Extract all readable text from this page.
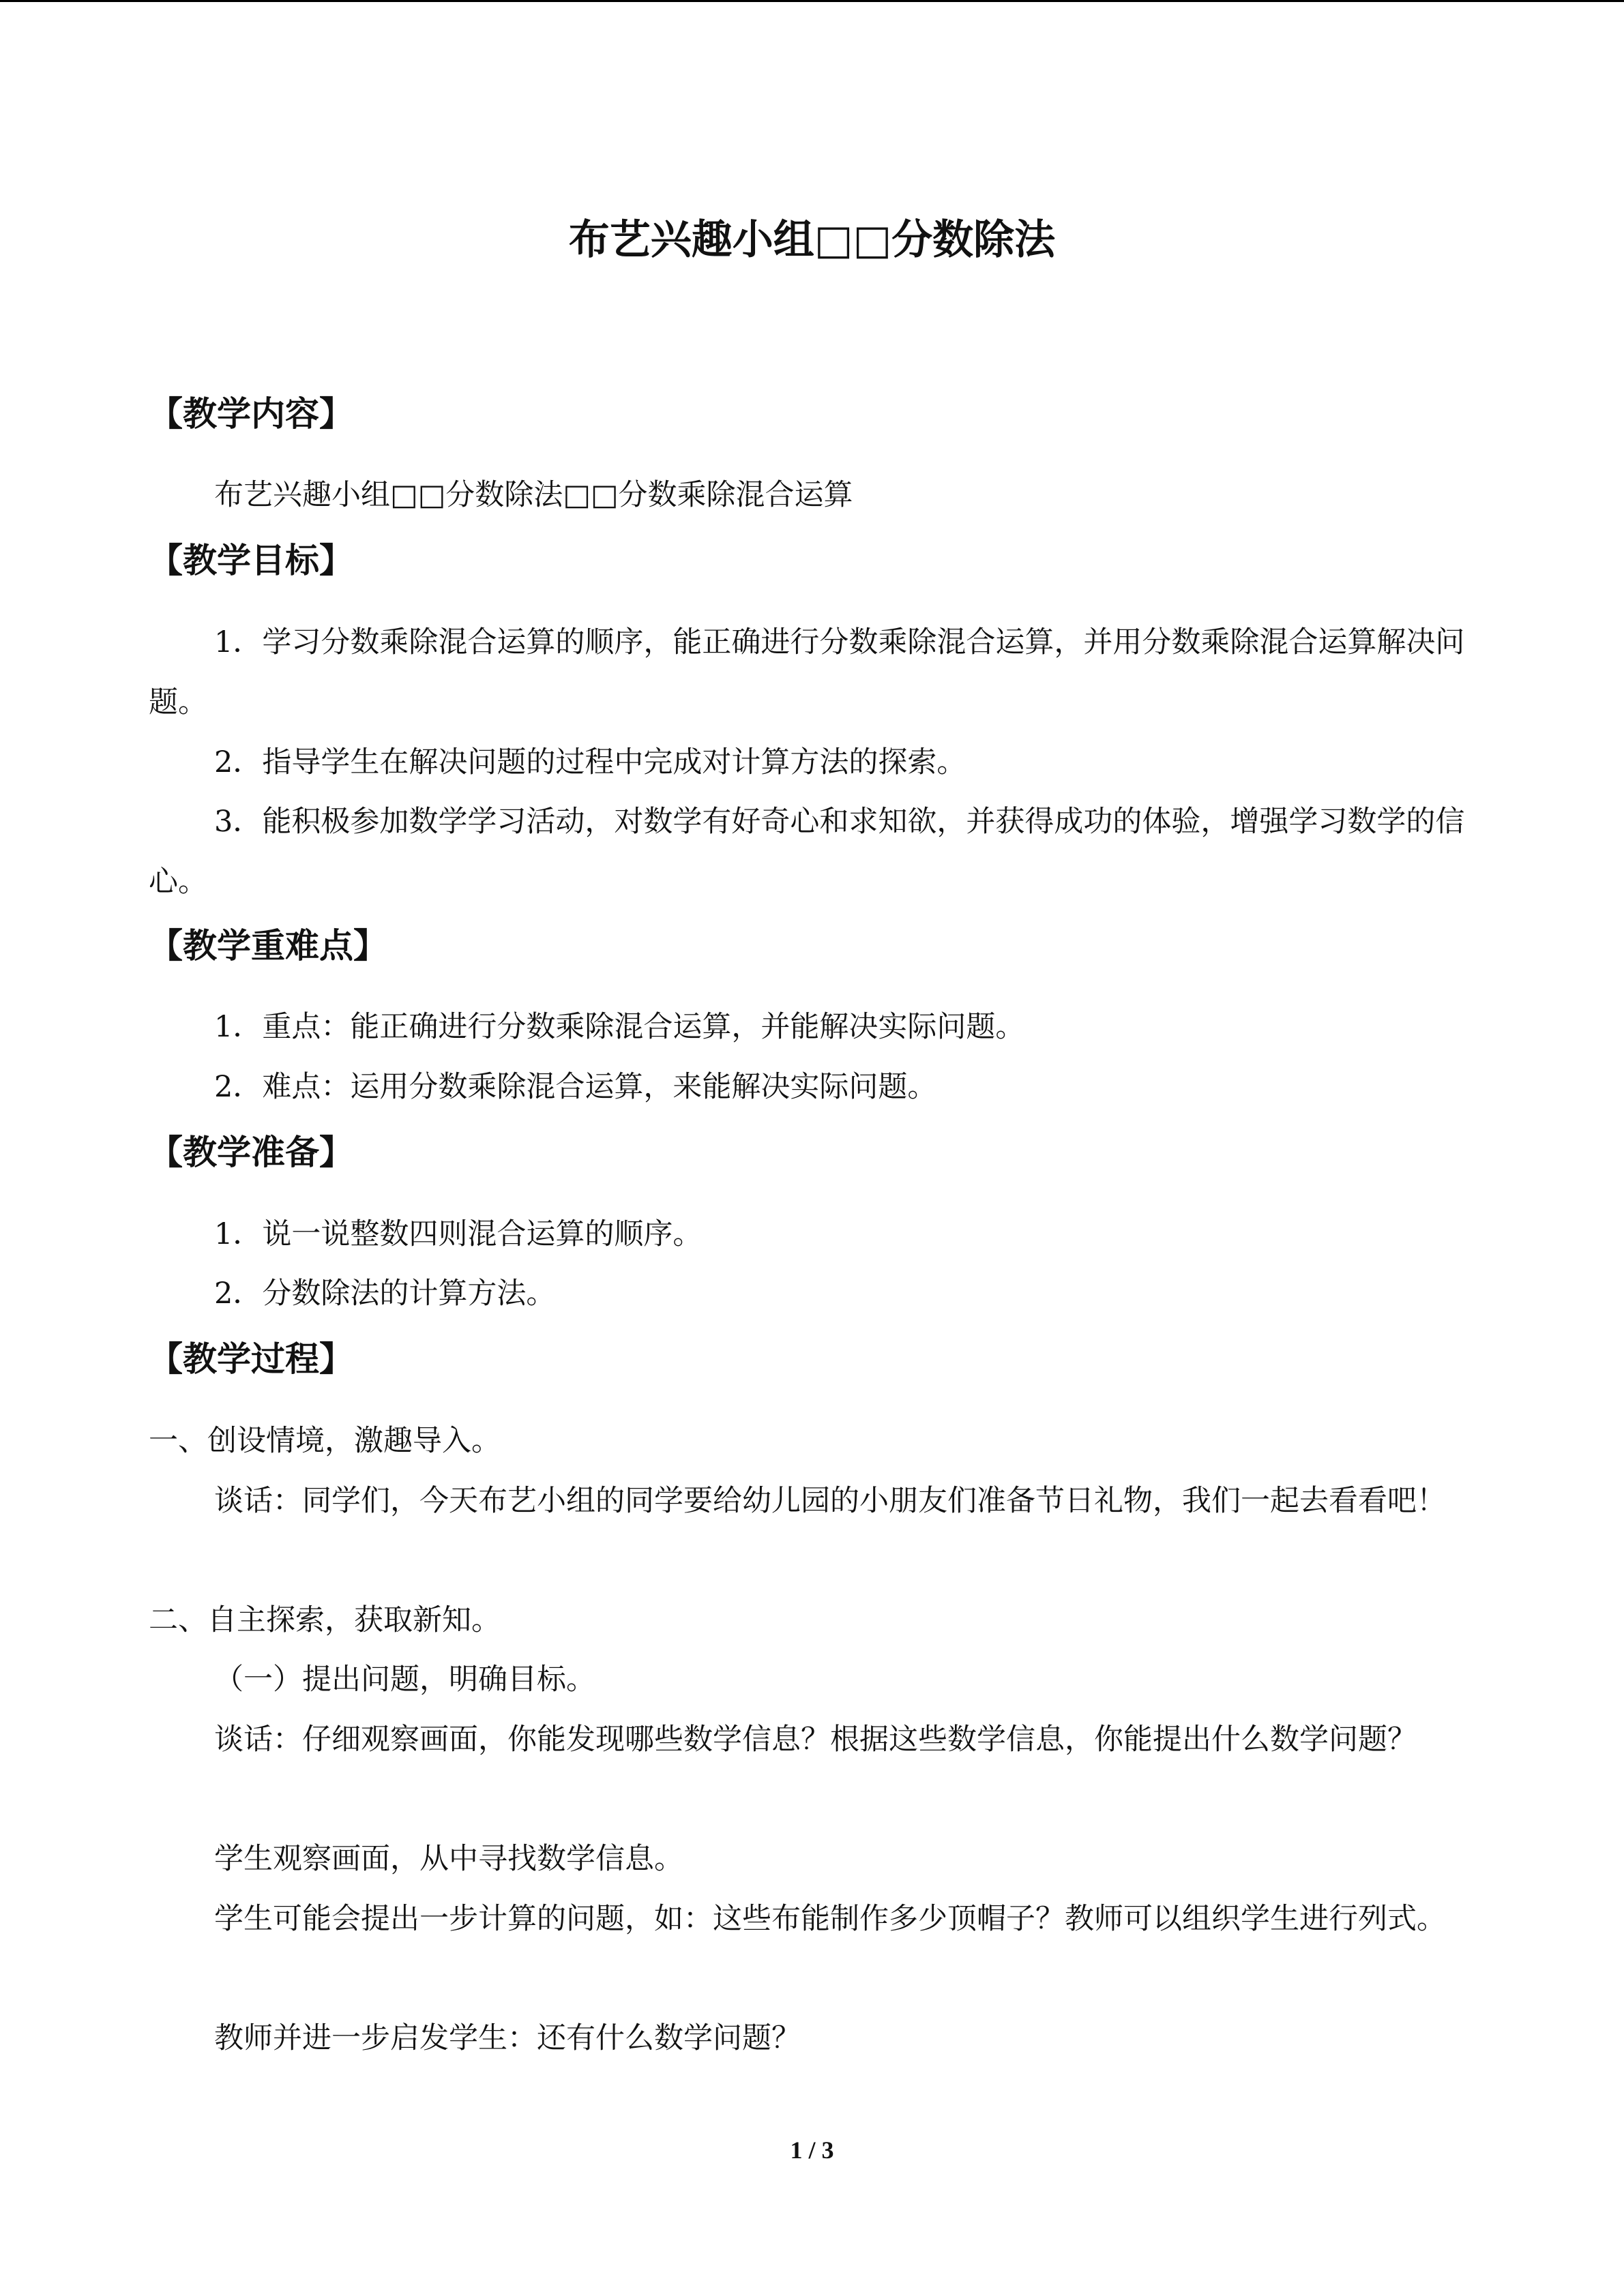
布艺兴趣小组□□分数除法
【教学内容】
布艺兴趣小组□□分数除法□□分数乘除混合运算
【教学目标】
1．学习分数乘除混合运算的顺序，能正确进行分数乘除混合运算，并用分数乘除混合运算解决问题。
2．指导学生在解决问题的过程中完成对计算方法的探索。
3．能积极参加数学学习活动，对数学有好奇心和求知欲，并获得成功的体验，增强学习数学的信心。
【教学重难点】
1．重点：能正确进行分数乘除混合运算，并能解决实际问题。
2．难点：运用分数乘除混合运算，来能解决实际问题。
【教学准备】
1．说一说整数四则混合运算的顺序。
2．分数除法的计算方法。
【教学过程】
一、创设情境，激趣导入。
谈话：同学们，今天布艺小组的同学要给幼儿园的小朋友们准备节日礼物，我们一起去看看吧！
二、自主探索，获取新知。
（一）提出问题，明确目标。
谈话：仔细观察画面，你能发现哪些数学信息？根据这些数学信息，你能提出什么数学问题？
学生观察画面，从中寻找数学信息。
学生可能会提出一步计算的问题，如：这些布能制作多少顶帽子？教师可以组织学生进行列式。
教师并进一步启发学生：还有什么数学问题？
1 / 3
